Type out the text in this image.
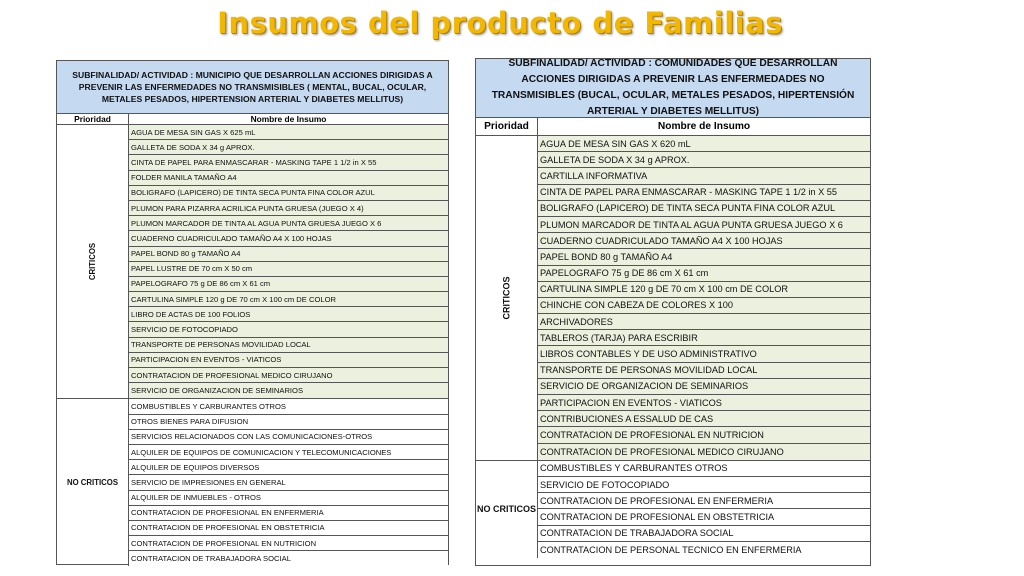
Insumos del producto de Familias
SUBFINALIDAD/ ACTIVIDAD : MUNICIPIO QUE DESARROLLAN ACCIONES DIRIGIDAS A PREVENIR LAS ENFERMEDADES NO TRANSMISIBLES ( MENTAL, BUCAL, OCULAR, METALES PESADOS, HIPERTENSION ARTERIAL Y DIABETES MELLITUS)
Prioridad	Nombre de Insumo
CRITICOS
AGUA DE MESA SIN GAS X 625 mL
GALLETA DE SODA X 34 g APROX.
CINTA DE PAPEL PARA ENMASCARAR - MASKING TAPE 1 1/2 in X 55
FOLDER MANILA TAMAÑO A4
BOLIGRAFO (LAPICERO) DE TINTA SECA PUNTA FINA COLOR AZUL
PLUMON PARA PIZARRA ACRILICA PUNTA GRUESA (JUEGO X 4)
PLUMON MARCADOR DE TINTA AL AGUA PUNTA GRUESA JUEGO X 6
CUADERNO CUADRICULADO TAMAÑO A4 X 100 HOJAS
PAPEL BOND 80 g TAMAÑO A4
PAPEL LUSTRE DE 70 cm X 50 cm
PAPELOGRAFO 75 g DE 86 cm X 61 cm
CARTULINA SIMPLE 120 g DE 70 cm X 100 cm DE COLOR
LIBRO DE ACTAS DE 100 FOLIOS
SERVICIO DE FOTOCOPIADO
TRANSPORTE DE PERSONAS MOVILIDAD LOCAL
PARTICIPACION EN EVENTOS - VIATICOS
CONTRATACION DE PROFESIONAL MEDICO CIRUJANO
SERVICIO DE ORGANIZACION DE SEMINARIOS
NO CRITICOS
COMBUSTIBLES Y CARBURANTES OTROS
OTROS BIENES PARA DIFUSION
SERVICIOS RELACIONADOS CON LAS COMUNICACIONES-OTROS
ALQUILER DE EQUIPOS DE COMUNICACION Y TELECOMUNICACIONES
ALQUILER DE EQUIPOS DIVERSOS
SERVICIO DE IMPRESIONES EN GENERAL
ALQUILER DE INMUEBLES - OTROS
CONTRATACION DE PROFESIONAL EN ENFERMERIA
CONTRATACION DE PROFESIONAL EN OBSTETRICIA
CONTRATACION DE PROFESIONAL EN NUTRICION
CONTRATACION DE TRABAJADORA SOCIAL
SUBFINALIDAD/ ACTIVIDAD : COMUNIDADES QUE DESARROLLAN ACCIONES DIRIGIDAS A PREVENIR LAS ENFERMEDADES NO TRANSMISIBLES (BUCAL, OCULAR, METALES PESADOS, HIPERTENSIÓN ARTERIAL Y DIABETES MELLITUS)
Prioridad	Nombre de Insumo
CRITICOS
AGUA DE MESA SIN GAS X 620 mL
GALLETA DE SODA X 34 g APROX.
CARTILLA INFORMATIVA
CINTA DE PAPEL PARA ENMASCARAR - MASKING TAPE 1 1/2 in X 55
BOLIGRAFO (LAPICERO) DE TINTA SECA PUNTA FINA COLOR AZUL
PLUMON MARCADOR DE TINTA AL AGUA PUNTA GRUESA JUEGO X 6
CUADERNO CUADRICULADO TAMAÑO A4 X 100 HOJAS
PAPEL BOND 80 g TAMAÑO A4
PAPELOGRAFO 75 g DE 86 cm X 61 cm
CARTULINA SIMPLE 120 g DE 70 cm X 100 cm DE COLOR
CHINCHE CON CABEZA DE COLORES X 100
ARCHIVADORES
TABLEROS (TARJA) PARA ESCRIBIR
LIBROS CONTABLES Y DE USO ADMINISTRATIVO
TRANSPORTE DE PERSONAS MOVILIDAD LOCAL
SERVICIO DE ORGANIZACION DE SEMINARIOS
PARTICIPACION EN EVENTOS - VIATICOS
CONTRIBUCIONES A ESSALUD DE CAS
CONTRATACION DE PROFESIONAL EN NUTRICION
CONTRATACION DE PROFESIONAL MEDICO CIRUJANO
NO CRITICOS
COMBUSTIBLES Y CARBURANTES OTROS
SERVICIO DE FOTOCOPIADO
CONTRATACION DE PROFESIONAL EN ENFERMERIA
CONTRATACION DE PROFESIONAL EN OBSTETRICIA
CONTRATACION DE TRABAJADORA SOCIAL
CONTRATACION DE PERSONAL TECNICO EN ENFERMERIA
